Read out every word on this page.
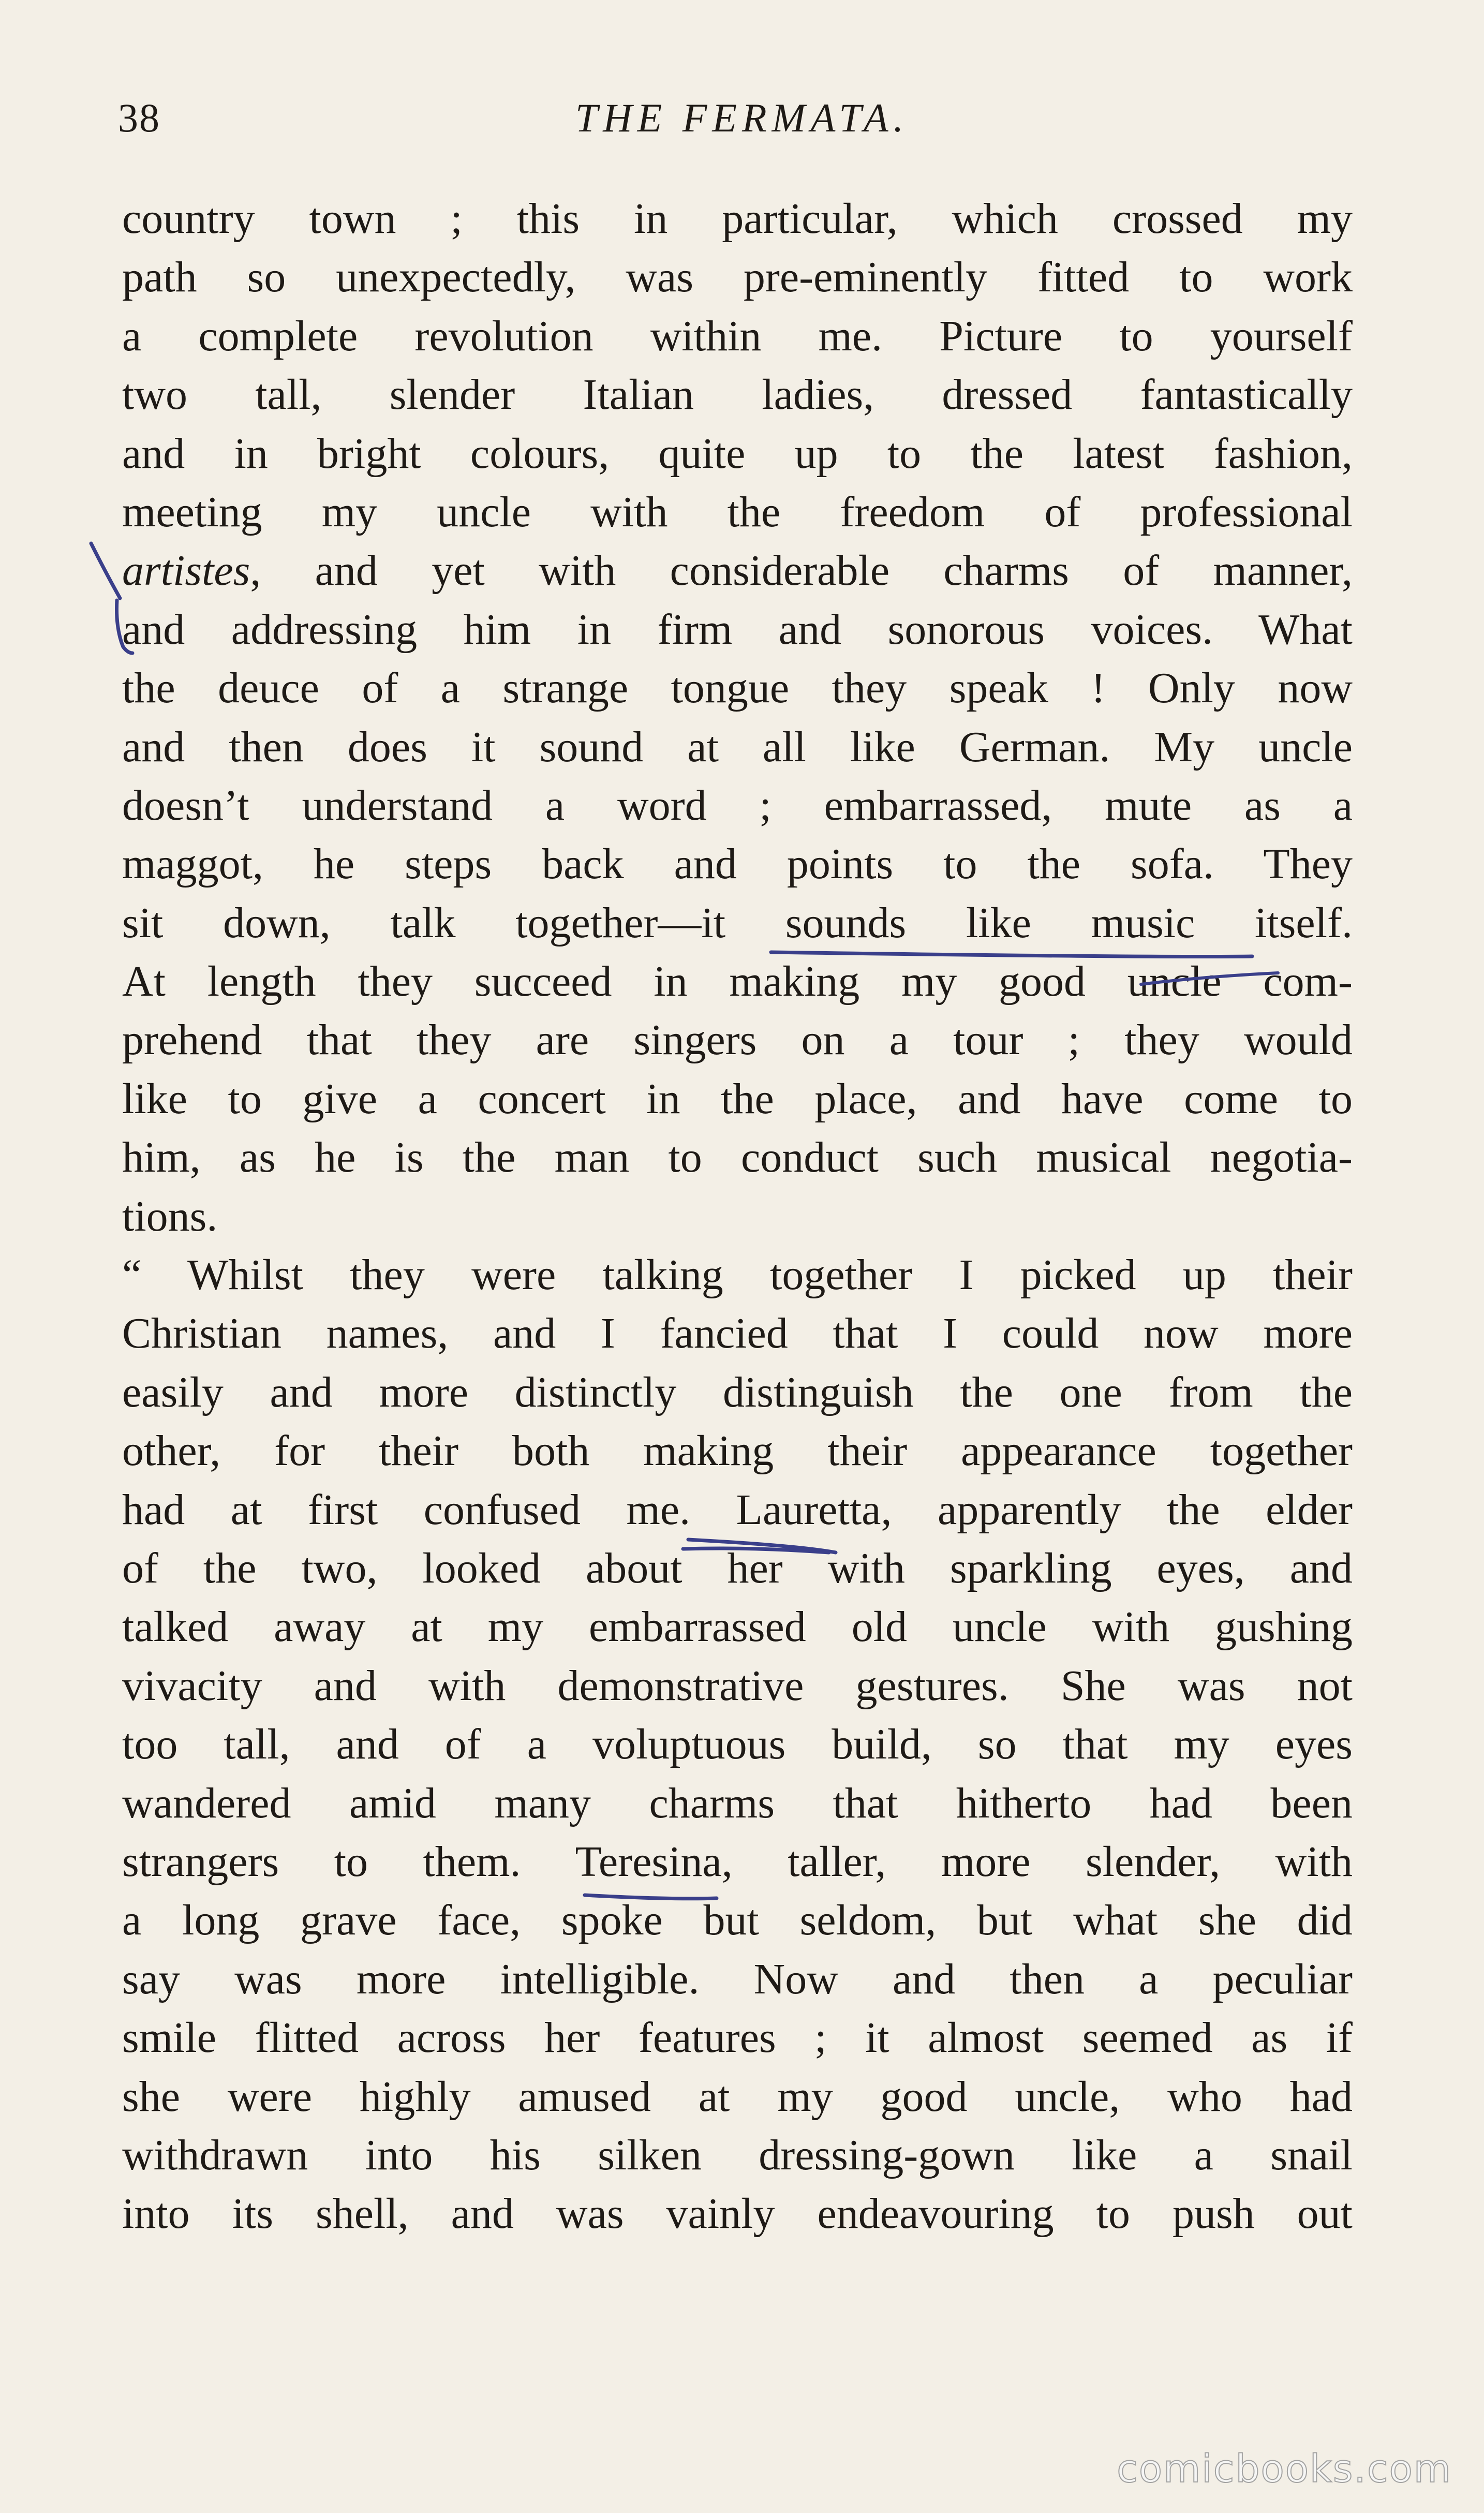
38	THE FERMATA.
country town ; this in particular, which crossed my
path so unexpectedly, was pre-eminently fitted to work
a complete revolution within me. Picture to yourself
two tall, slender Italian ladies, dressed fantastically
and in bright colours, quite up to the latest fashion,
meeting my uncle with the freedom of professional
artistes, and yet with considerable charms of manner,
and addressing him in firm and sonorous voices. What
the deuce of a strange tongue they speak ! Only now
and then does it sound at all like German. My uncle
doesn’t understand a word ; embarrassed, mute as a
maggot, he steps back and points to the sofa. They
sit down, talk together—it sounds like music itself.
At length they succeed in making my good uncle com-
prehend that they are singers on a tour ; they would
like to give a concert in the place, and have come to
him, as he is the man to conduct such musical negotia-
tions.
“ Whilst they were talking together I picked up their
Christian names, and I fancied that I could now more
easily and more distinctly distinguish the one from the
other, for their both making their appearance together
had at first confused me. Lauretta, apparently the elder
of the two, looked about her with sparkling eyes, and
talked away at my embarrassed old uncle with gushing
vivacity and with demonstrative gestures. She was not
too tall, and of a voluptuous build, so that my eyes
wandered amid many charms that hitherto had been
strangers to them. Teresina, taller, more slender, with
a long grave face, spoke but seldom, but what she did
say was more intelligible. Now and then a peculiar
smile flitted across her features ; it almost seemed as if
she were highly amused at my good uncle, who had
withdrawn into his silken dressing-gown like a snail
into its shell, and was vainly endeavouring to push out
comicbooks.com
